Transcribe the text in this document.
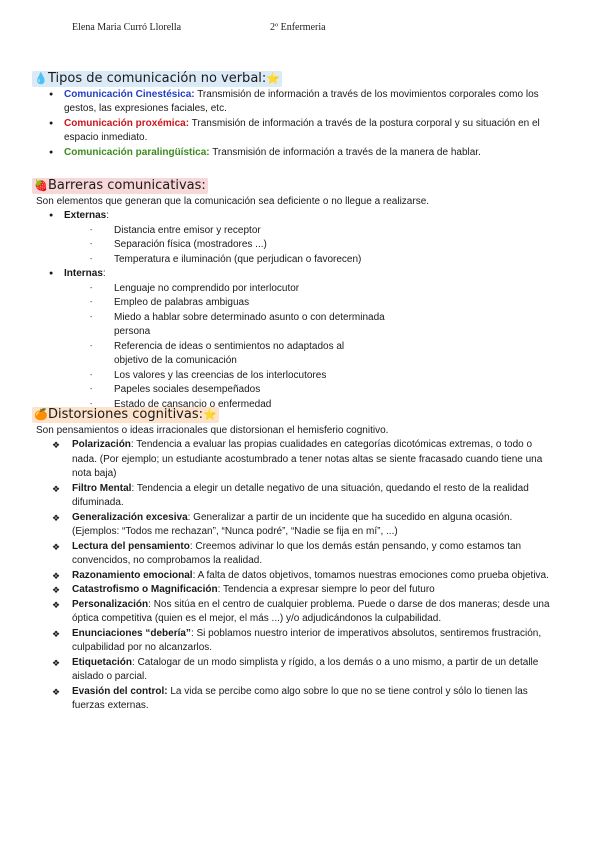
Elena Maria Curró Llorella	2º Enfermeria
💧Tipos de comunicación no verbal:⭐
● Comunicación Cinestésica: Transmisión de información a través de los movimientos corporales como los gestos, las expresiones faciales, etc.
● Comunicación proxémica: Transmisión de información a través de la postura corporal y su situación en el espacio inmediato.
● Comunicación paralingüística: Transmisión de información a través de la manera de hablar.
🍓Barreras comunicativas:
Son elementos que generan que la comunicación sea deficiente o no llegue a realizarse.
● Externas:
- Distancia entre emisor y receptor
- Separación física (mostradores ...)
- Temperatura e iluminación (que perjudican o favorecen)
● Internas:
- Lenguaje no comprendido por interlocutor
- Empleo de palabras ambiguas
- Miedo a hablar sobre determinado asunto o con determinada persona
- Referencia de ideas o sentimientos no adaptados al objetivo de la comunicación
- Los valores y las creencias de los interlocutores
- Papeles sociales desempeñados
- Estado de cansancio o enfermedad
🍊Distorsiones cognitivas:⭐
Son pensamientos o ideas irracionales que distorsionan el hemisferio cognitivo.
❖ Polarización: Tendencia a evaluar las propias cualidades en categorías dicotómicas extremas, o todo o nada. (Por ejemplo; un estudiante acostumbrado a tener notas altas se siente fracasado cuando tiene una nota baja)
❖ Filtro Mental: Tendencia a elegir un detalle negativo de una situación, quedando el resto de la realidad difuminada.
❖ Generalización excesiva: Generalizar a partir de un incidente que ha sucedido en alguna ocasión. (Ejemplos: “Todos me rechazan”, “Nunca podré”, “Nadie se fija en mí”, ...)
❖ Lectura del pensamiento: Creemos adivinar lo que los demás están pensando, y como estamos tan convencidos, no comprobamos la realidad.
❖ Razonamiento emocional: A falta de datos objetivos, tomamos nuestras emociones como prueba objetiva.
❖ Catastrofismo o Magnificación: Tendencia a expresar siempre lo peor del futuro
❖ Personalización: Nos sitúa en el centro de cualquier problema. Puede o darse de dos maneras; desde una óptica competitiva (quien es el mejor, el más ...) y/o adjudicándonos la culpabilidad.
❖ Enunciaciones “debería”: Si poblamos nuestro interior de imperativos absolutos, sentiremos frustración, culpabilidad por no alcanzarlos.
❖ Etiquetación: Catalogar de un modo simplista y rígido, a los demás o a uno mismo, a partir de un detalle aislado o parcial.
❖ Evasión del control: La vida se percibe como algo sobre lo que no se tiene control y sólo lo tienen las fuerzas externas.
